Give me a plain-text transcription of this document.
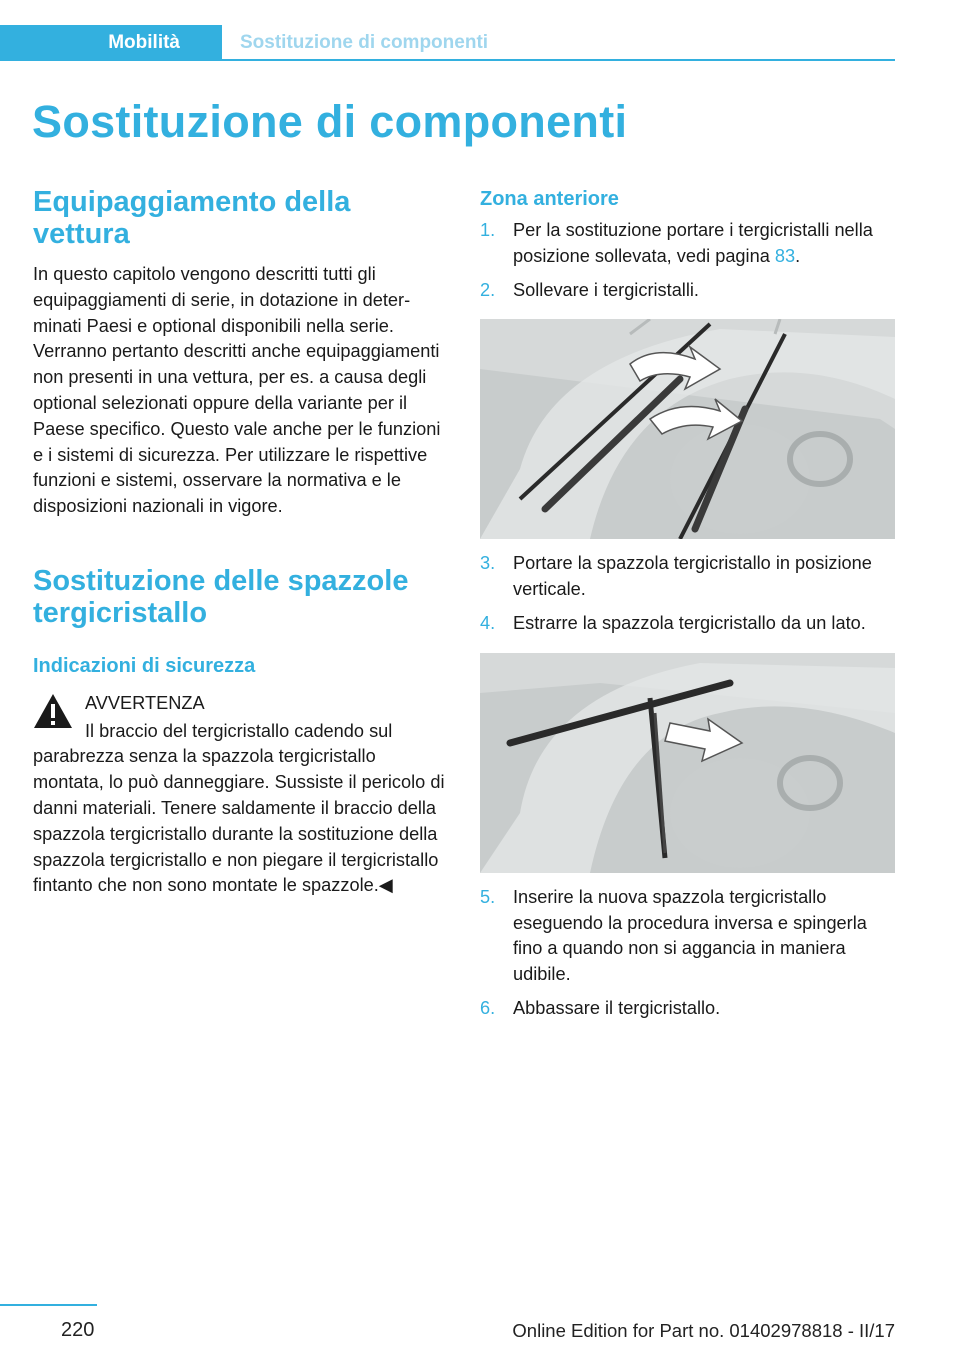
Mobilità	Sostituzione di componenti
Sostituzione di componenti
Equipaggiamento della vettura

In questo capitolo vengono descritti tutti gli equipaggiamenti di serie, in dotazione in determinati Paesi e optional disponibili nella serie. Verranno pertanto descritti anche equipaggiamenti non presenti in una vettura, per es. a causa degli optional selezionati oppure della variante per il Paese specifico. Questo vale anche per le funzioni e i sistemi di sicurezza. Per utilizzare le rispettive funzioni e sistemi, osservare la normativa e le disposizioni nazionali in vigore.

Sostituzione delle spazzole tergicristallo
Indicazioni di sicurezza

AVVERTENZA

Il braccio del tergicristallo cadendo sul parabrezza senza la spazzola tergicristallo montata, lo può danneggiare. Sussiste il pericolo di danni materiali. Tenere saldamente il braccio della spazzola tergicristallo durante la sostituzione della spazzola tergicristallo e non piegare il tergicristallo fintanto che non sono montate le spazzole.◀

Zona anteriore
1. Per la sostituzione portare i tergicristalli nella posizione sollevata, vedi pagina 83.
2. Sollevare i tergicristalli.
3. Portare la spazzola tergicristallo in posizione verticale.
4. Estrarre la spazzola tergicristallo da un lato.
5. Inserire la nuova spazzola tergicristallo eseguendo la procedura inversa e spingerla fino a quando non si aggancia in maniera udibile.
6. Abbassare il tergicristallo.
220	Online Edition for Part no. 01402978818 - II/17
